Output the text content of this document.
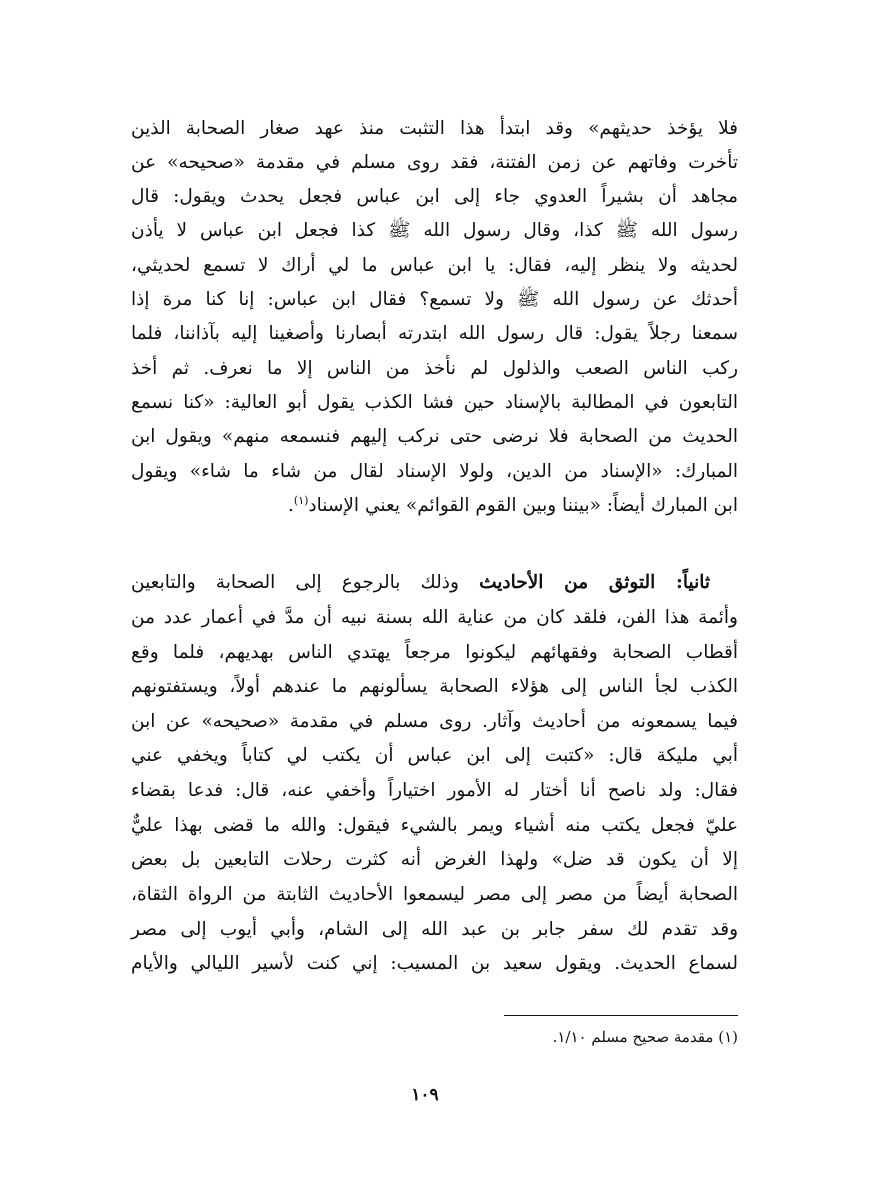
فلا يؤخذ حديثهم» وقد ابتدأ هذا التثبت منذ عهد صغار الصحابة الذين
تأخرت وفاتهم عن زمن الفتنة، فقد روى مسلم في مقدمة «صحيحه» عن
مجاهد أن بشيراً العدوي جاء إلى ابن عباس فجعل يحدث ويقول: قال
رسول الله ﷺ كذا، وقال رسول الله ﷺ كذا فجعل ابن عباس لا يأذن
لحديثه ولا ينظر إليه، فقال: يا ابن عباس ما لي أراك لا تسمع لحديثي،
أحدثك عن رسول الله ﷺ ولا تسمع؟ فقال ابن عباس: إنا كنا مرة إذا
سمعنا رجلاً يقول: قال رسول الله ابتدرته أبصارنا وأصغينا إليه بآذاننا، فلما
ركب الناس الصعب والذلول لم نأخذ من الناس إلا ما نعرف. ثم أخذ
التابعون في المطالبة بالإسناد حين فشا الكذب يقول أبو العالية: «كنا نسمع
الحديث من الصحابة فلا نرضى حتى نركب إليهم فنسمعه منهم» ويقول ابن
المبارك: «الإسناد من الدين، ولولا الإسناد لقال من شاء ما شاء» ويقول
ابن المبارك أيضاً: «بيننا وبين القوم القوائم» يعني الإسناد$^{(١)}$.
ثانياً: التوثق من الأحاديث وذلك بالرجوع إلى الصحابة والتابعين
وأئمة هذا الفن، فلقد كان من عناية الله بسنة نبيه أن مدَّ في أعمار عدد من
أقطاب الصحابة وفقهائهم ليكونوا مرجعاً يهتدي الناس بهديهم، فلما وقع
الكذب لجأ الناس إلى هؤلاء الصحابة يسألونهم ما عندهم أولاً، ويستفتونهم
فيما يسمعونه من أحاديث وآثار. روى مسلم في مقدمة «صحيحه» عن ابن
أبي مليكة قال: «كتبت إلى ابن عباس أن يكتب لي كتاباً ويخفي عني
فقال: ولد ناصح أنا أختار له الأمور اختياراً وأخفي عنه، قال: فدعا بقضاء
عليّ فجعل يكتب منه أشياء ويمر بالشيء فيقول: والله ما قضى بهذا عليٌّ
إلا أن يكون قد ضل» ولهذا الغرض أنه كثرت رحلات التابعين بل بعض
الصحابة أيضاً من مصر إلى مصر ليسمعوا الأحاديث الثابتة من الرواة الثقاة،
وقد تقدم لك سفر جابر بن عبد الله إلى الشام، وأبي أيوب إلى مصر
لسماع الحديث. ويقول سعيد بن المسيب: إني كنت لأسير الليالي والأيام
(١) مقدمة صحيح مسلم ١/١٠.
١٠٩
